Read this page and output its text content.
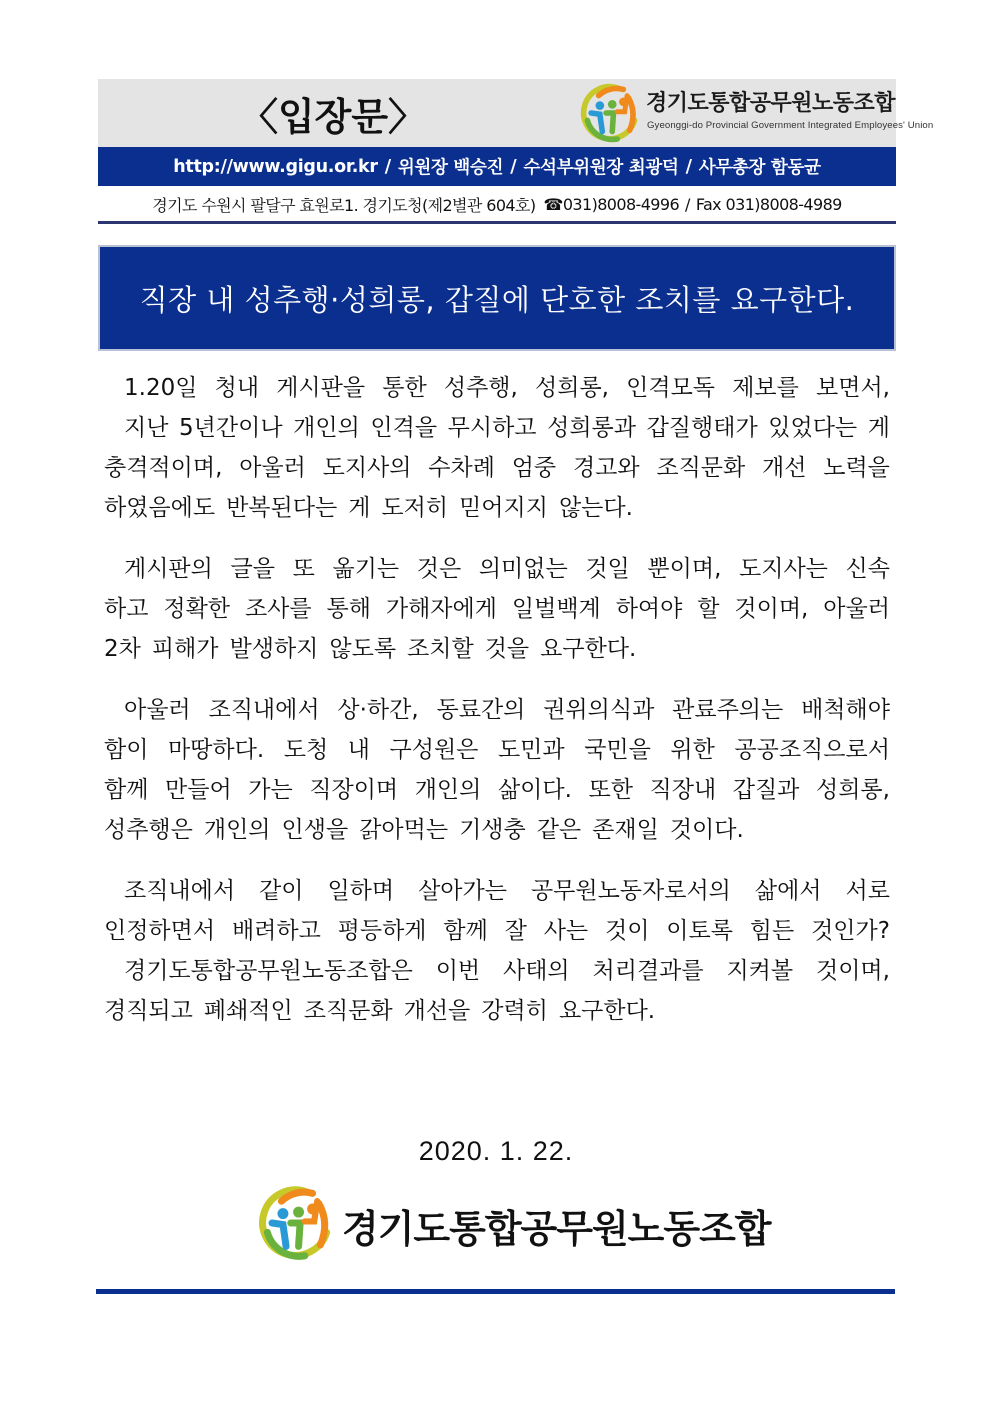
〈입장문〉	경기도통합공무원노동조합
Gyeonggi-do Provincial Government Integrated Employees' Union
http://www.gigu.or.kr / 위원장 백승진 / 수석부위원장 최광덕 / 사무총장 함동균
경기도 수원시 팔달구 효원로1. 경기도청(제2별관 604호) ☎ 031)8008-4996 / Fax 031)8008-4989
직장 내 성추행·성희롱, 갑질에 단호한 조치를 요구한다.
1.20일 청내 게시판을 통한 성추행, 성희롱, 인격모독 제보를 보면서,
지난 5년간이나 개인의 인격을 무시하고 성희롱과 갑질행태가 있었다는 게
충격적이며, 아울러 도지사의 수차례 엄중 경고와 조직문화 개선 노력을
하였음에도 반복된다는 게 도저히 믿어지지 않는다.
게시판의 글을 또 옮기는 것은 의미없는 것일 뿐이며, 도지사는 신속
하고 정확한 조사를 통해 가해자에게 일벌백계 하여야 할 것이며, 아울러
2차 피해가 발생하지 않도록 조치할 것을 요구한다.
아울러 조직내에서 상·하간, 동료간의 권위의식과 관료주의는 배척해야
함이 마땅하다. 도청 내 구성원은 도민과 국민을 위한 공공조직으로서
함께 만들어 가는 직장이며 개인의 삶이다. 또한 직장내 갑질과 성희롱,
성추행은 개인의 인생을 갉아먹는 기생충 같은 존재일 것이다.
조직내에서 같이 일하며 살아가는 공무원노동자로서의 삶에서 서로
인정하면서 배려하고 평등하게 함께 잘 사는 것이 이토록 힘든 것인가?
경기도통합공무원노동조합은 이번 사태의 처리결과를 지켜볼 것이며,
경직되고 폐쇄적인 조직문화 개선을 강력히 요구한다.
2020. 1. 22.
경기도통합공무원노동조합
